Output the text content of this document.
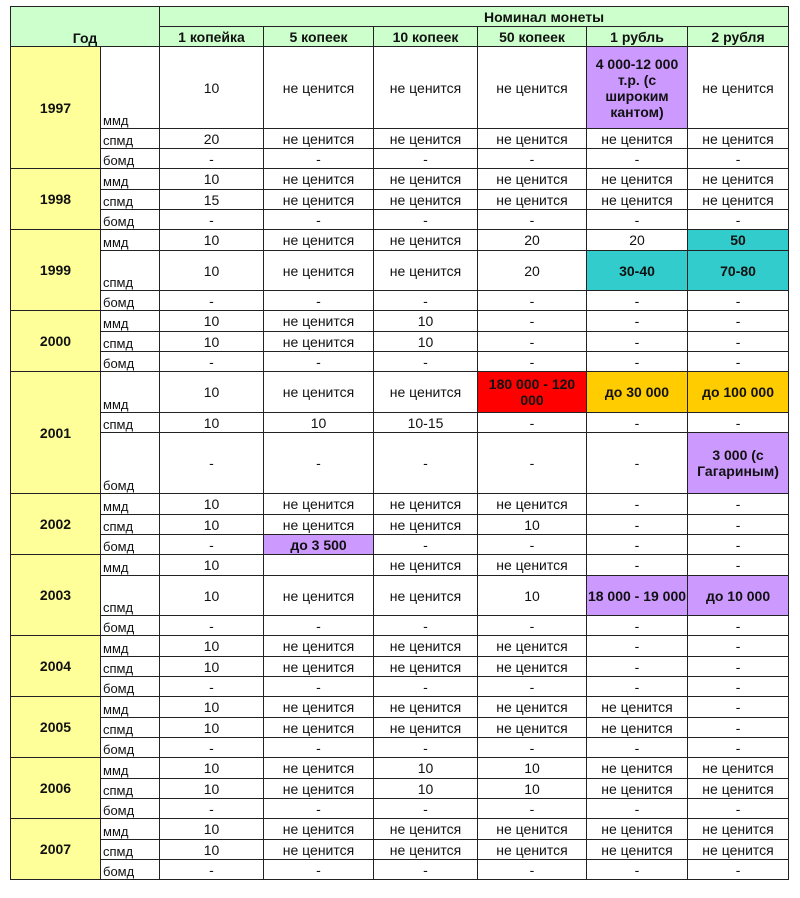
Год		Номинал монеты					
		1 копейка	5 копеек	10 копеек	50 копеек	1 рубль	2 рубля
1997	ммд	10	не ценится	не ценится	не ценится	4 000-12 000 т.р. (с широким кантом)	не ценится
	спмд	20	не ценится	не ценится	не ценится	не ценится	не ценится
	бомд	-	-	-	-	-	-
1998	ммд	10	не ценится	не ценится	не ценится	не ценится	не ценится
	спмд	15	не ценится	не ценится	не ценится	не ценится	не ценится
	бомд	-	-	-	-	-	-
1999	ммд	10	не ценится	не ценится	20	20	50
	спмд	10	не ценится	не ценится	20	30-40	70-80
	бомд	-	-	-	-	-	-
2000	ммд	10	не ценится	10	-	-	-
	спмд	10	не ценится	10	-	-	-
	бомд	-	-	-	-	-	-
2001	ммд	10	не ценится	не ценится	180 000 - 120 000	до 30 000	до 100 000
	спмд	10	10	10-15	-	-	-
	бомд	-	-	-	-	-	3 000 (с Гагариным)
2002	ммд	10	не ценится	не ценится	не ценится	-	-
	спмд	10	не ценится	не ценится	10	-	-
	бомд	-	до 3 500	-	-	-	-
2003	ммд	10		не ценится	не ценится	-	-
	спмд	10	не ценится	не ценится	10	18 000 - 19 000	до 10 000
	бомд	-	-	-	-	-	-
2004	ммд	10	не ценится	не ценится	не ценится	-	-
	спмд	10	не ценится	не ценится	не ценится	-	-
	бомд	-	-	-	-	-	-
2005	ммд	10	не ценится	не ценится	не ценится	не ценится	-
	спмд	10	не ценится	не ценится	не ценится	не ценится	-
	бомд	-	-	-	-	-	-
2006	ммд	10	не ценится	10	10	не ценится	не ценится
	спмд	10	не ценится	10	10	не ценится	не ценится
	бомд	-	-	-	-	-	-
2007	ммд	10	не ценится	не ценится	не ценится	не ценится	не ценится
	спмд	10	не ценится	не ценится	не ценится	не ценится	не ценится
	бомд	-	-	-	-	-	-
